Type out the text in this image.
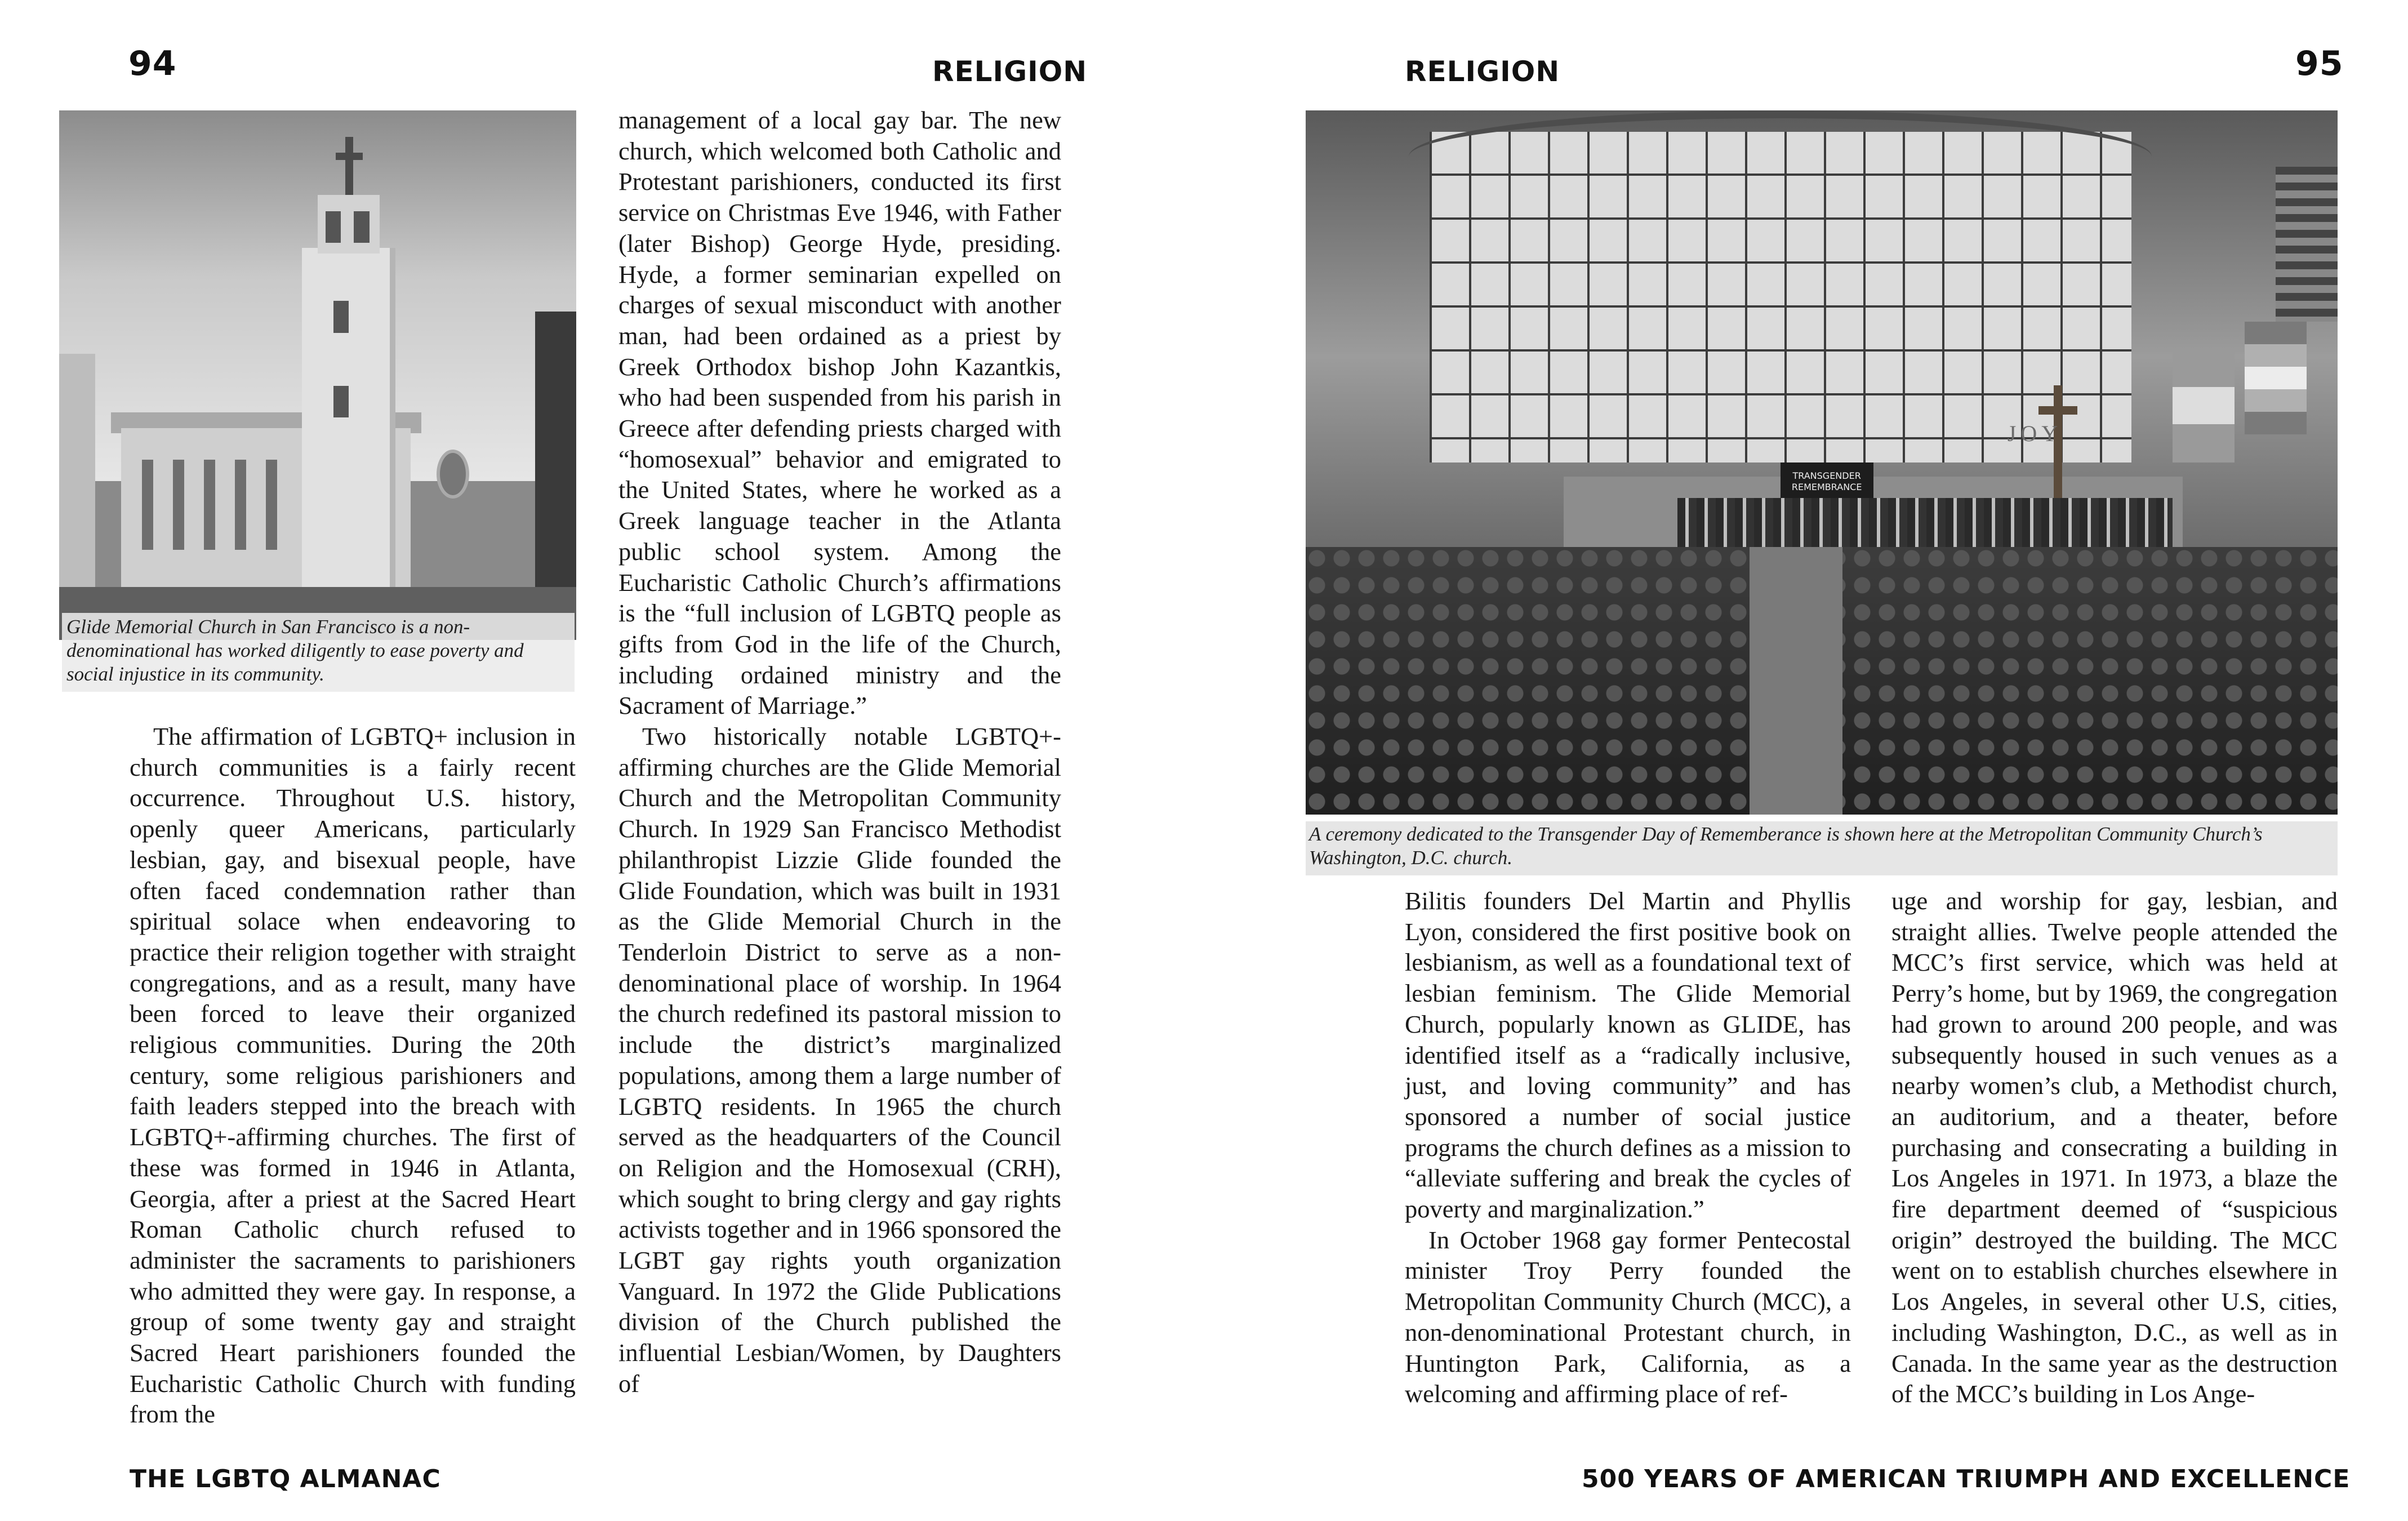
94	RELIGION
Glide Memorial Church in San Francisco is a non-denominational has worked diligently to ease poverty and social injustice in its community.

The affirmation of LGBTQ+ inclusion in church communities is a fairly recent occurrence. Throughout U.S. history, openly queer Americans, particularly lesbian, gay, and bisexual people, have often faced condemnation rather than spiritual solace when endeavoring to practice their religion together with straight congregations, and as a result, many have been forced to leave their organized religious communities. During the 20th century, some religious parishioners and faith leaders stepped into the breach with LGBTQ+-affirming churches. The first of these was formed in 1946 in Atlanta, Georgia, after a priest at the Sacred Heart Roman Catholic church refused to administer the sacraments to parishioners who admitted they were gay. In response, a group of some twenty gay and straight Sacred Heart parishioners founded the Eucharistic Catholic Church with funding from the

management of a local gay bar. The new church, which welcomed both Catholic and Protestant parishioners, conducted its first service on Christmas Eve 1946, with Father (later Bishop) George Hyde, presiding. Hyde, a former seminarian expelled on charges of sexual misconduct with another man, had been ordained as a priest by Greek Orthodox bishop John Kazantkis, who had been suspended from his parish in Greece after defending priests charged with “homosexual” behavior and emigrated to the United States, where he worked as a Greek language teacher in the Atlanta public school system. Among the Eucharistic Catholic Church’s affirmations is the “full inclusion of LGBTQ people as gifts from God in the life of the Church, including ordained ministry and the Sacrament of Marriage.”

Two historically notable LGBTQ+-affirming churches are the Glide Memorial Church and the Metropolitan Community Church. In 1929 San Francisco Methodist philanthropist Lizzie Glide founded the Glide Foundation, which was built in 1931 as the Glide Memorial Church in the Tenderloin District to serve as a non-denominational place of worship. In 1964 the church redefined its pastoral mission to include the district’s marginalized populations, among them a large number of LGBTQ residents. In 1965 the church served as the headquarters of the Council on Religion and the Homosexual (CRH), which sought to bring clergy and gay rights activists together and in 1966 sponsored the LGBT gay rights youth organization Vanguard. In 1972 the Glide Publications division of the Church published the influential Lesbian/Women, by Daughters of

THE LGBTQ ALMANAC
RELIGION	95
TRANSGENDER REMEMBRANCE
JOY
A ceremony dedicated to the Transgender Day of Rememberance is shown here at the Metropolitan Community Church’s Washington, D.C. church.

Bilitis founders Del Martin and Phyllis Lyon, considered the first positive book on lesbianism, as well as a foundational text of lesbian feminism. The Glide Memorial Church, popularly known as GLIDE, has identified itself as a “radically inclusive, just, and loving community” and has sponsored a number of social justice programs the church defines as a mission to “alleviate suffering and break the cycles of poverty and marginalization.”

In October 1968 gay former Pentecostal minister Troy Perry founded the Metropolitan Community Church (MCC), a non-denominational Protestant church, in Huntington Park, California, as a welcoming and affirming place of ref-

uge and worship for gay, lesbian, and straight allies. Twelve people attended the MCC’s first service, which was held at Perry’s home, but by 1969, the congregation had grown to around 200 people, and was subsequently housed in such venues as a nearby women’s club, a Methodist church, an auditorium, and a theater, before purchasing and consecrating a building in Los Angeles in 1971. In 1973, a blaze the fire department deemed of “suspicious origin” destroyed the building. The MCC went on to establish churches elsewhere in Los Angeles, in several other U.S, cities, including Washington, D.C., as well as in Canada. In the same year as the destruction of the MCC’s building in Los Ange-

500 YEARS OF AMERICAN TRIUMPH AND EXCELLENCE
